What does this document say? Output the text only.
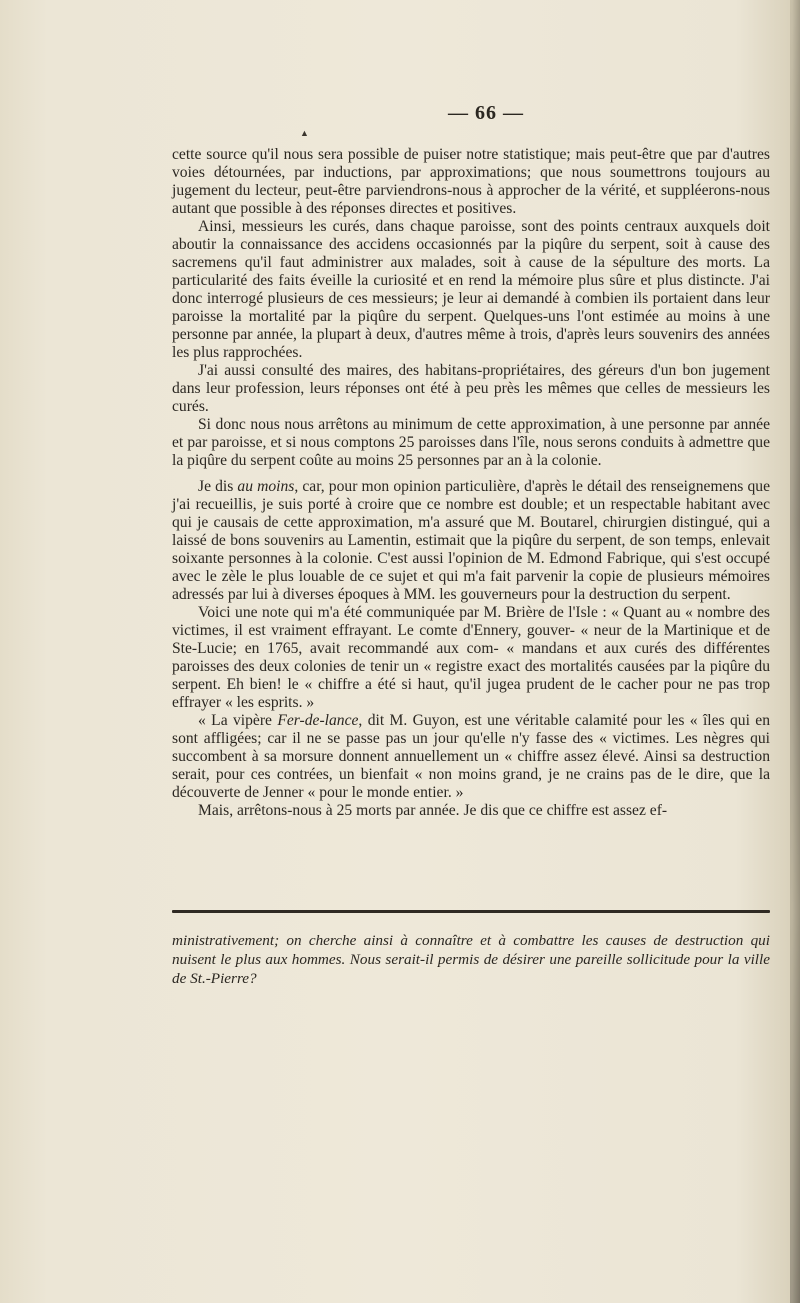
— 66 —
▲

cette source qu'il nous sera possible de puiser notre statistique; mais peut-être que par d'autres voies détournées, par inductions, par approximations; que nous soumettrons toujours au jugement du lecteur, peut-être parviendrons-nous à approcher de la vérité, et suppléerons-nous autant que possible à des réponses directes et positives.

Ainsi, messieurs les curés, dans chaque paroisse, sont des points centraux auxquels doit aboutir la connaissance des accidens occasionnés par la piqûre du serpent, soit à cause des sacremens qu'il faut administrer aux malades, soit à cause de la sépulture des morts. La particularité des faits éveille la curiosité et en rend la mémoire plus sûre et plus distincte. J'ai donc interrogé plusieurs de ces messieurs; je leur ai demandé à combien ils portaient dans leur paroisse la mortalité par la piqûre du serpent. Quelques-uns l'ont estimée au moins à une personne par année, la plupart à deux, d'autres même à trois, d'après leurs souvenirs des années les plus rapprochées.

J'ai aussi consulté des maires, des habitans-propriétaires, des géreurs d'un bon jugement dans leur profession, leurs réponses ont été à peu près les mêmes que celles de messieurs les curés.

Si donc nous nous arrêtons au minimum de cette approximation, à une personne par année et par paroisse, et si nous comptons 25 paroisses dans l'île, nous serons conduits à admettre que la piqûre du serpent coûte au moins 25 personnes par an à la colonie.

Je dis au moins, car, pour mon opinion particulière, d'après le détail des renseignemens que j'ai recueillis, je suis porté à croire que ce nombre est double; et un respectable habitant avec qui je causais de cette approximation, m'a assuré que M. Boutarel, chirurgien distingué, qui a laissé de bons souvenirs au Lamentin, estimait que la piqûre du serpent, de son temps, enlevait soixante personnes à la colonie. C'est aussi l'opinion de M. Edmond Fabrique, qui s'est occupé avec le zèle le plus louable de ce sujet et qui m'a fait parvenir la copie de plusieurs mémoires adressés par lui à diverses époques à MM. les gouverneurs pour la destruction du serpent.

Voici une note qui m'a été communiquée par M. Brière de l'Isle : « Quant au « nombre des victimes, il est vraiment effrayant. Le comte d'Ennery, gouver- « neur de la Martinique et de Ste-Lucie; en 1765, avait recommandé aux com- « mandans et aux curés des différentes paroisses des deux colonies de tenir un « registre exact des mortalités causées par la piqûre du serpent. Eh bien! le « chiffre a été si haut, qu'il jugea prudent de le cacher pour ne pas trop effrayer « les esprits. »

« La vipère Fer-de-lance, dit M. Guyon, est une véritable calamité pour les « îles qui en sont affligées; car il ne se passe pas un jour qu'elle n'y fasse des « victimes. Les nègres qui succombent à sa morsure donnent annuellement un « chiffre assez élevé. Ainsi sa destruction serait, pour ces contrées, un bienfait « non moins grand, je ne crains pas de le dire, que la découverte de Jenner « pour le monde entier. »

Mais, arrêtons-nous à 25 morts par année. Je dis que ce chiffre est assez ef-

ministrativement; on cherche ainsi à connaître et à combattre les causes de destruction qui nuisent le plus aux hommes. Nous serait-il permis de désirer une pareille sollicitude pour la ville de St.-Pierre?
